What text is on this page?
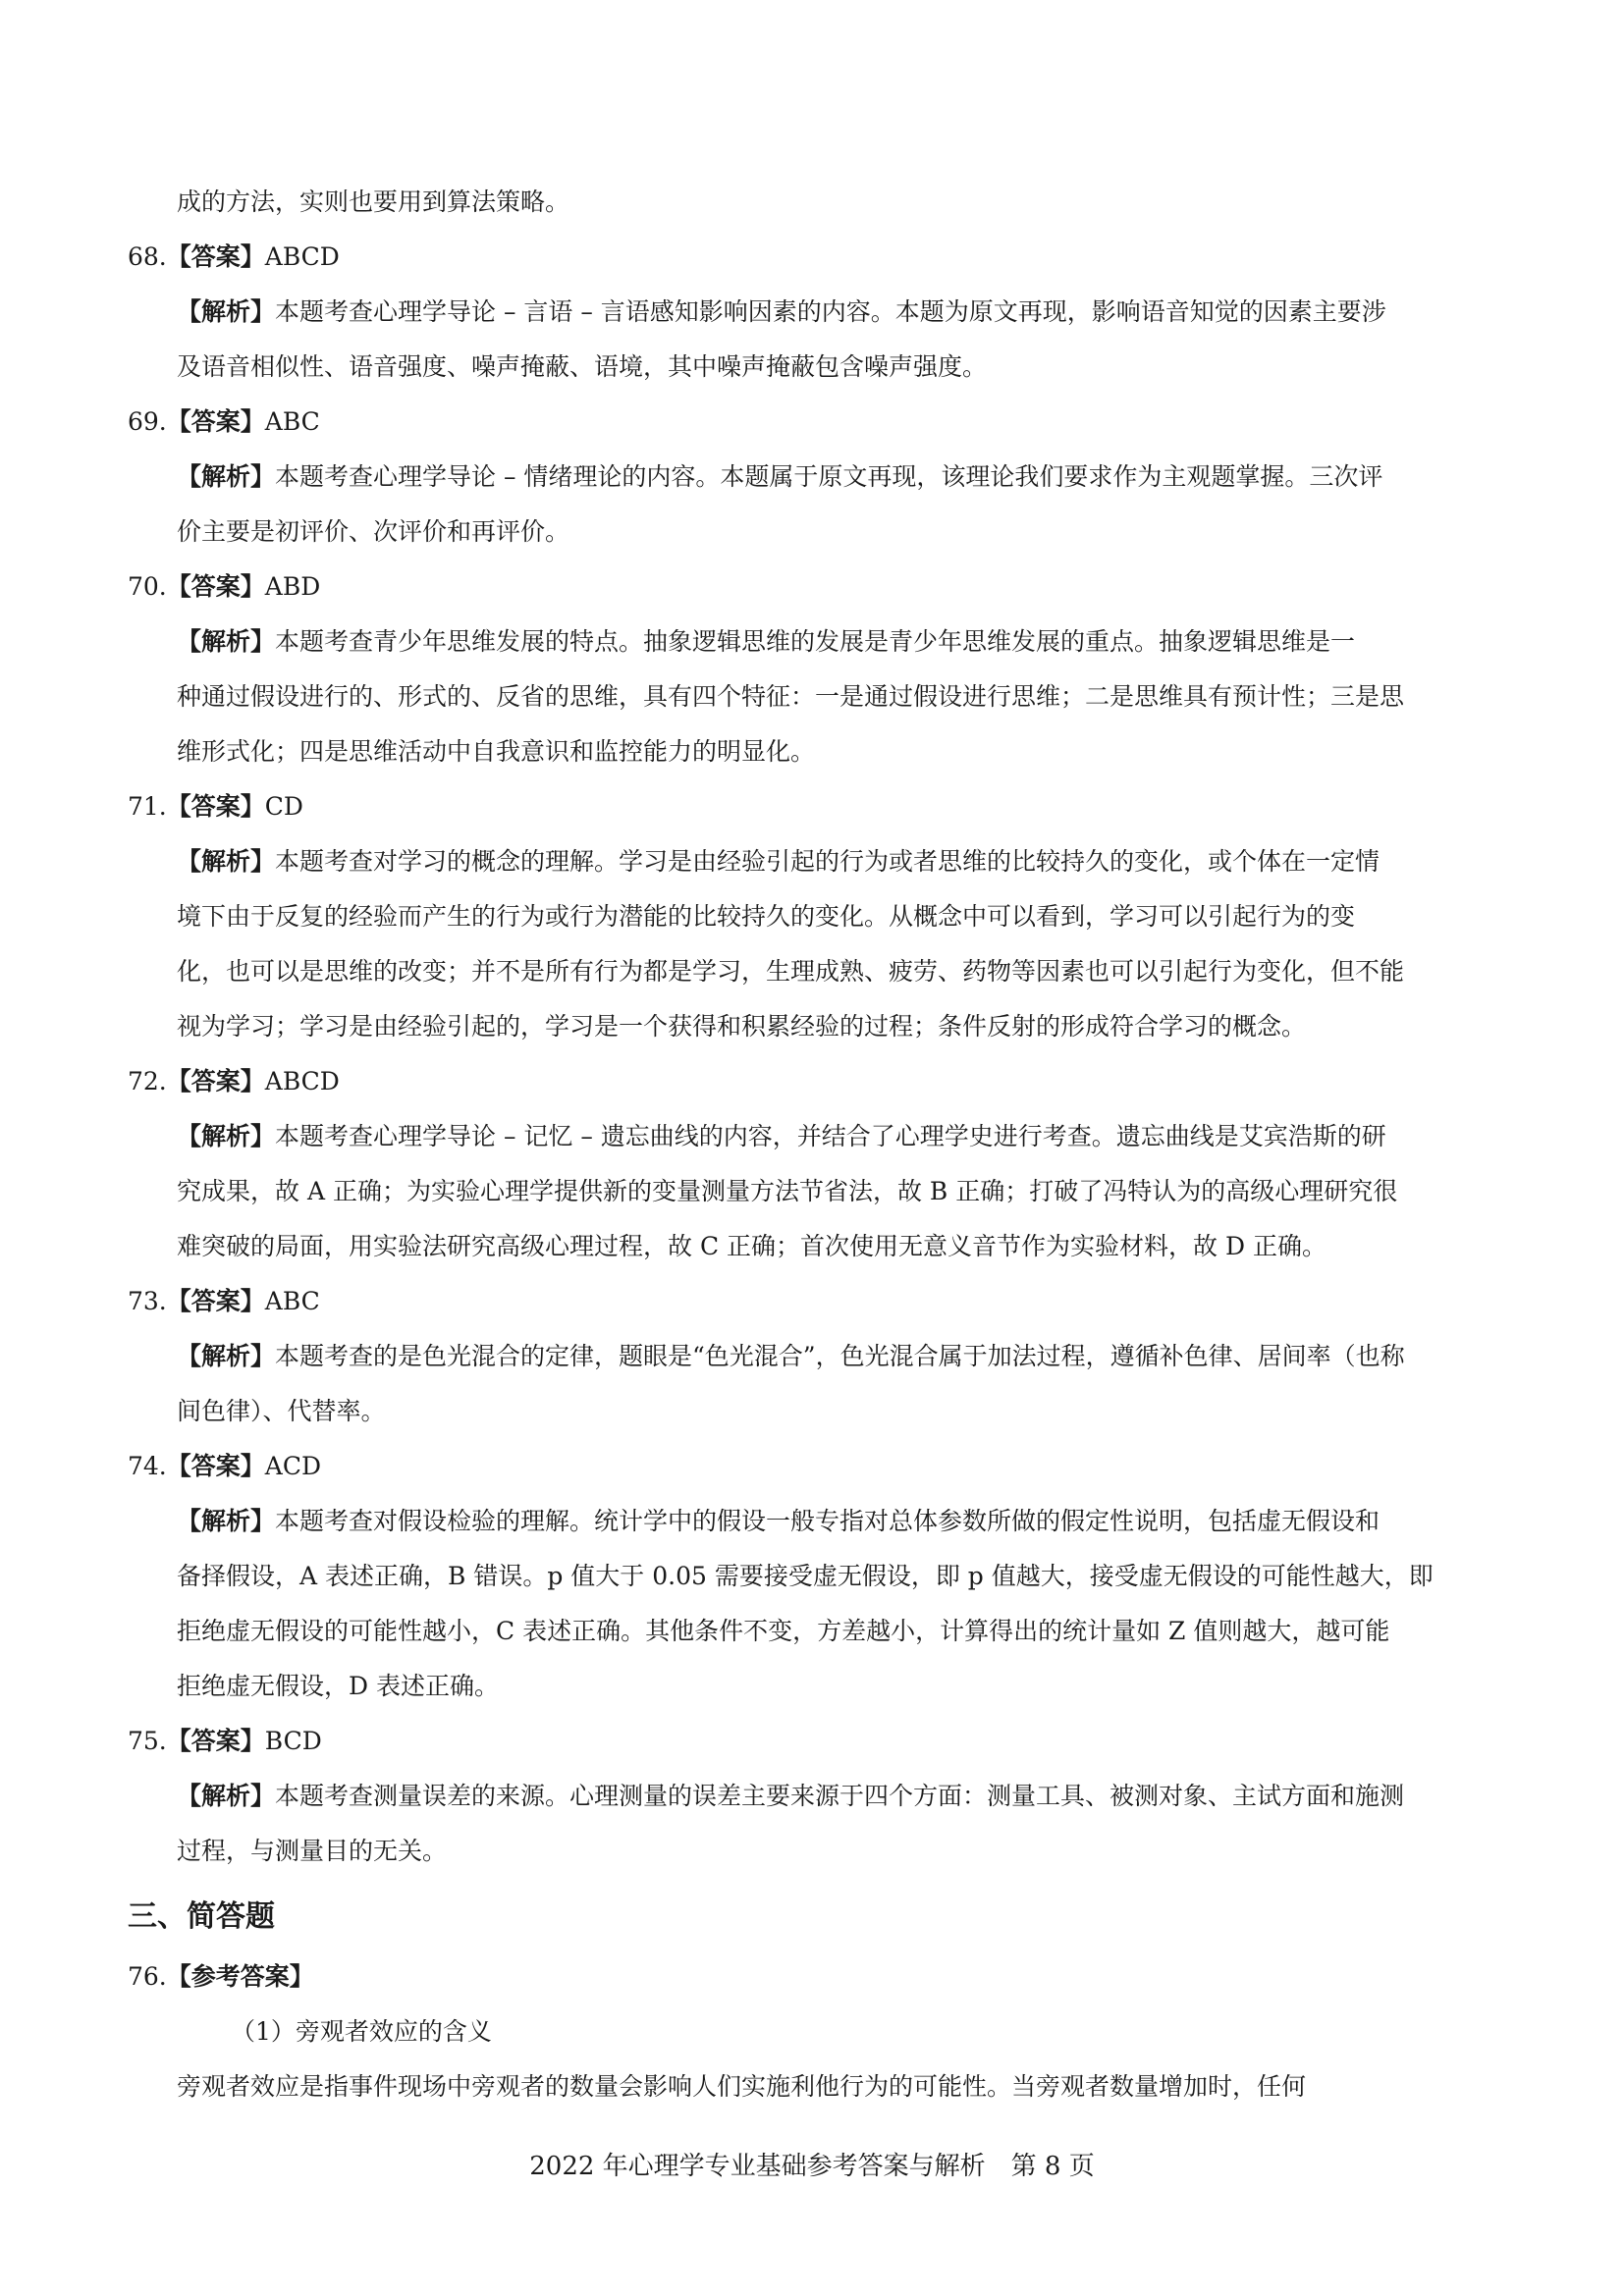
成的方法，实则也要用到算法策略。

68.【答案】ABCD

【解析】本题考查心理学导论 – 言语 – 言语感知影响因素的内容。本题为原文再现，影响语音知觉的因素主要涉

及语音相似性、语音强度、噪声掩蔽、语境，其中噪声掩蔽包含噪声强度。

69.【答案】ABC

【解析】本题考查心理学导论 – 情绪理论的内容。本题属于原文再现，该理论我们要求作为主观题掌握。三次评

价主要是初评价、次评价和再评价。

70.【答案】ABD

【解析】本题考查青少年思维发展的特点。抽象逻辑思维的发展是青少年思维发展的重点。抽象逻辑思维是一

种通过假设进行的、形式的、反省的思维，具有四个特征：一是通过假设进行思维；二是思维具有预计性；三是思

维形式化；四是思维活动中自我意识和监控能力的明显化。

71.【答案】CD

【解析】本题考查对学习的概念的理解。学习是由经验引起的行为或者思维的比较持久的变化，或个体在一定情

境下由于反复的经验而产生的行为或行为潜能的比较持久的变化。从概念中可以看到，学习可以引起行为的变

化，也可以是思维的改变；并不是所有行为都是学习，生理成熟、疲劳、药物等因素也可以引起行为变化，但不能

视为学习；学习是由经验引起的，学习是一个获得和积累经验的过程；条件反射的形成符合学习的概念。

72.【答案】ABCD

【解析】本题考查心理学导论 – 记忆 – 遗忘曲线的内容，并结合了心理学史进行考查。遗忘曲线是艾宾浩斯的研

究成果，故 A 正确；为实验心理学提供新的变量测量方法节省法，故 B 正确；打破了冯特认为的高级心理研究很

难突破的局面，用实验法研究高级心理过程，故 C 正确；首次使用无意义音节作为实验材料，故 D 正确。

73.【答案】ABC

【解析】本题考查的是色光混合的定律，题眼是“色光混合”，色光混合属于加法过程，遵循补色律、居间率（也称

间色律）、代替率。

74.【答案】ACD

【解析】本题考查对假设检验的理解。统计学中的假设一般专指对总体参数所做的假定性说明，包括虚无假设和

备择假设，A 表述正确，B 错误。p 值大于 0.05 需要接受虚无假设，即 p 值越大，接受虚无假设的可能性越大，即

拒绝虚无假设的可能性越小，C 表述正确。其他条件不变，方差越小，计算得出的统计量如 Z 值则越大，越可能

拒绝虚无假设，D 表述正确。

75.【答案】BCD

【解析】本题考查测量误差的来源。心理测量的误差主要来源于四个方面：测量工具、被测对象、主试方面和施测

过程，与测量目的无关。

三、简答题

76.【参考答案】

（1）旁观者效应的含义

旁观者效应是指事件现场中旁观者的数量会影响人们实施利他行为的可能性。当旁观者数量增加时，任何

2022 年心理学专业基础参考答案与解析　第 8 页
